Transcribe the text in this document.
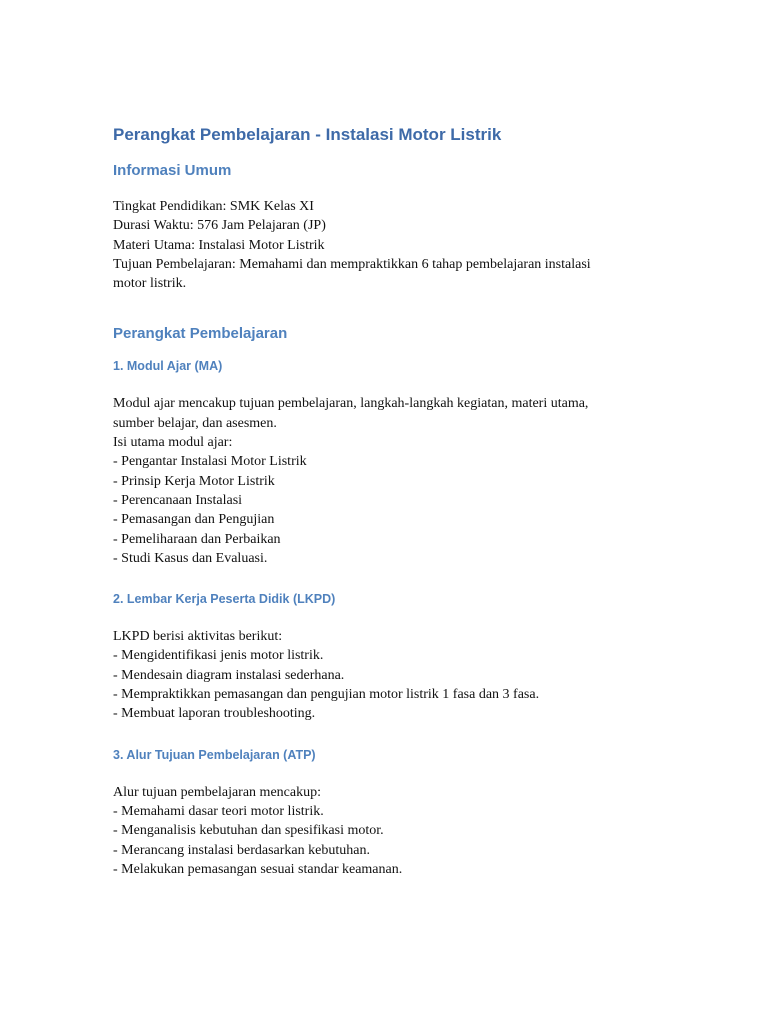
Perangkat Pembelajaran - Instalasi Motor Listrik
Informasi Umum

Tingkat Pendidikan: SMK Kelas XI
Durasi Waktu: 576 Jam Pelajaran (JP)
Materi Utama: Instalasi Motor Listrik
Tujuan Pembelajaran: Memahami dan mempraktikkan 6 tahap pembelajaran instalasi
motor listrik.

Perangkat Pembelajaran
1. Modul Ajar (MA)

Modul ajar mencakup tujuan pembelajaran, langkah-langkah kegiatan, materi utama,
sumber belajar, dan asesmen.
Isi utama modul ajar:
- Pengantar Instalasi Motor Listrik
- Prinsip Kerja Motor Listrik
- Perencanaan Instalasi
- Pemasangan dan Pengujian
- Pemeliharaan dan Perbaikan
- Studi Kasus dan Evaluasi.

2. Lembar Kerja Peserta Didik (LKPD)

LKPD berisi aktivitas berikut:
- Mengidentifikasi jenis motor listrik.
- Mendesain diagram instalasi sederhana.
- Mempraktikkan pemasangan dan pengujian motor listrik 1 fasa dan 3 fasa.
- Membuat laporan troubleshooting.

3. Alur Tujuan Pembelajaran (ATP)

Alur tujuan pembelajaran mencakup:
- Memahami dasar teori motor listrik.
- Menganalisis kebutuhan dan spesifikasi motor.
- Merancang instalasi berdasarkan kebutuhan.
- Melakukan pemasangan sesuai standar keamanan.
